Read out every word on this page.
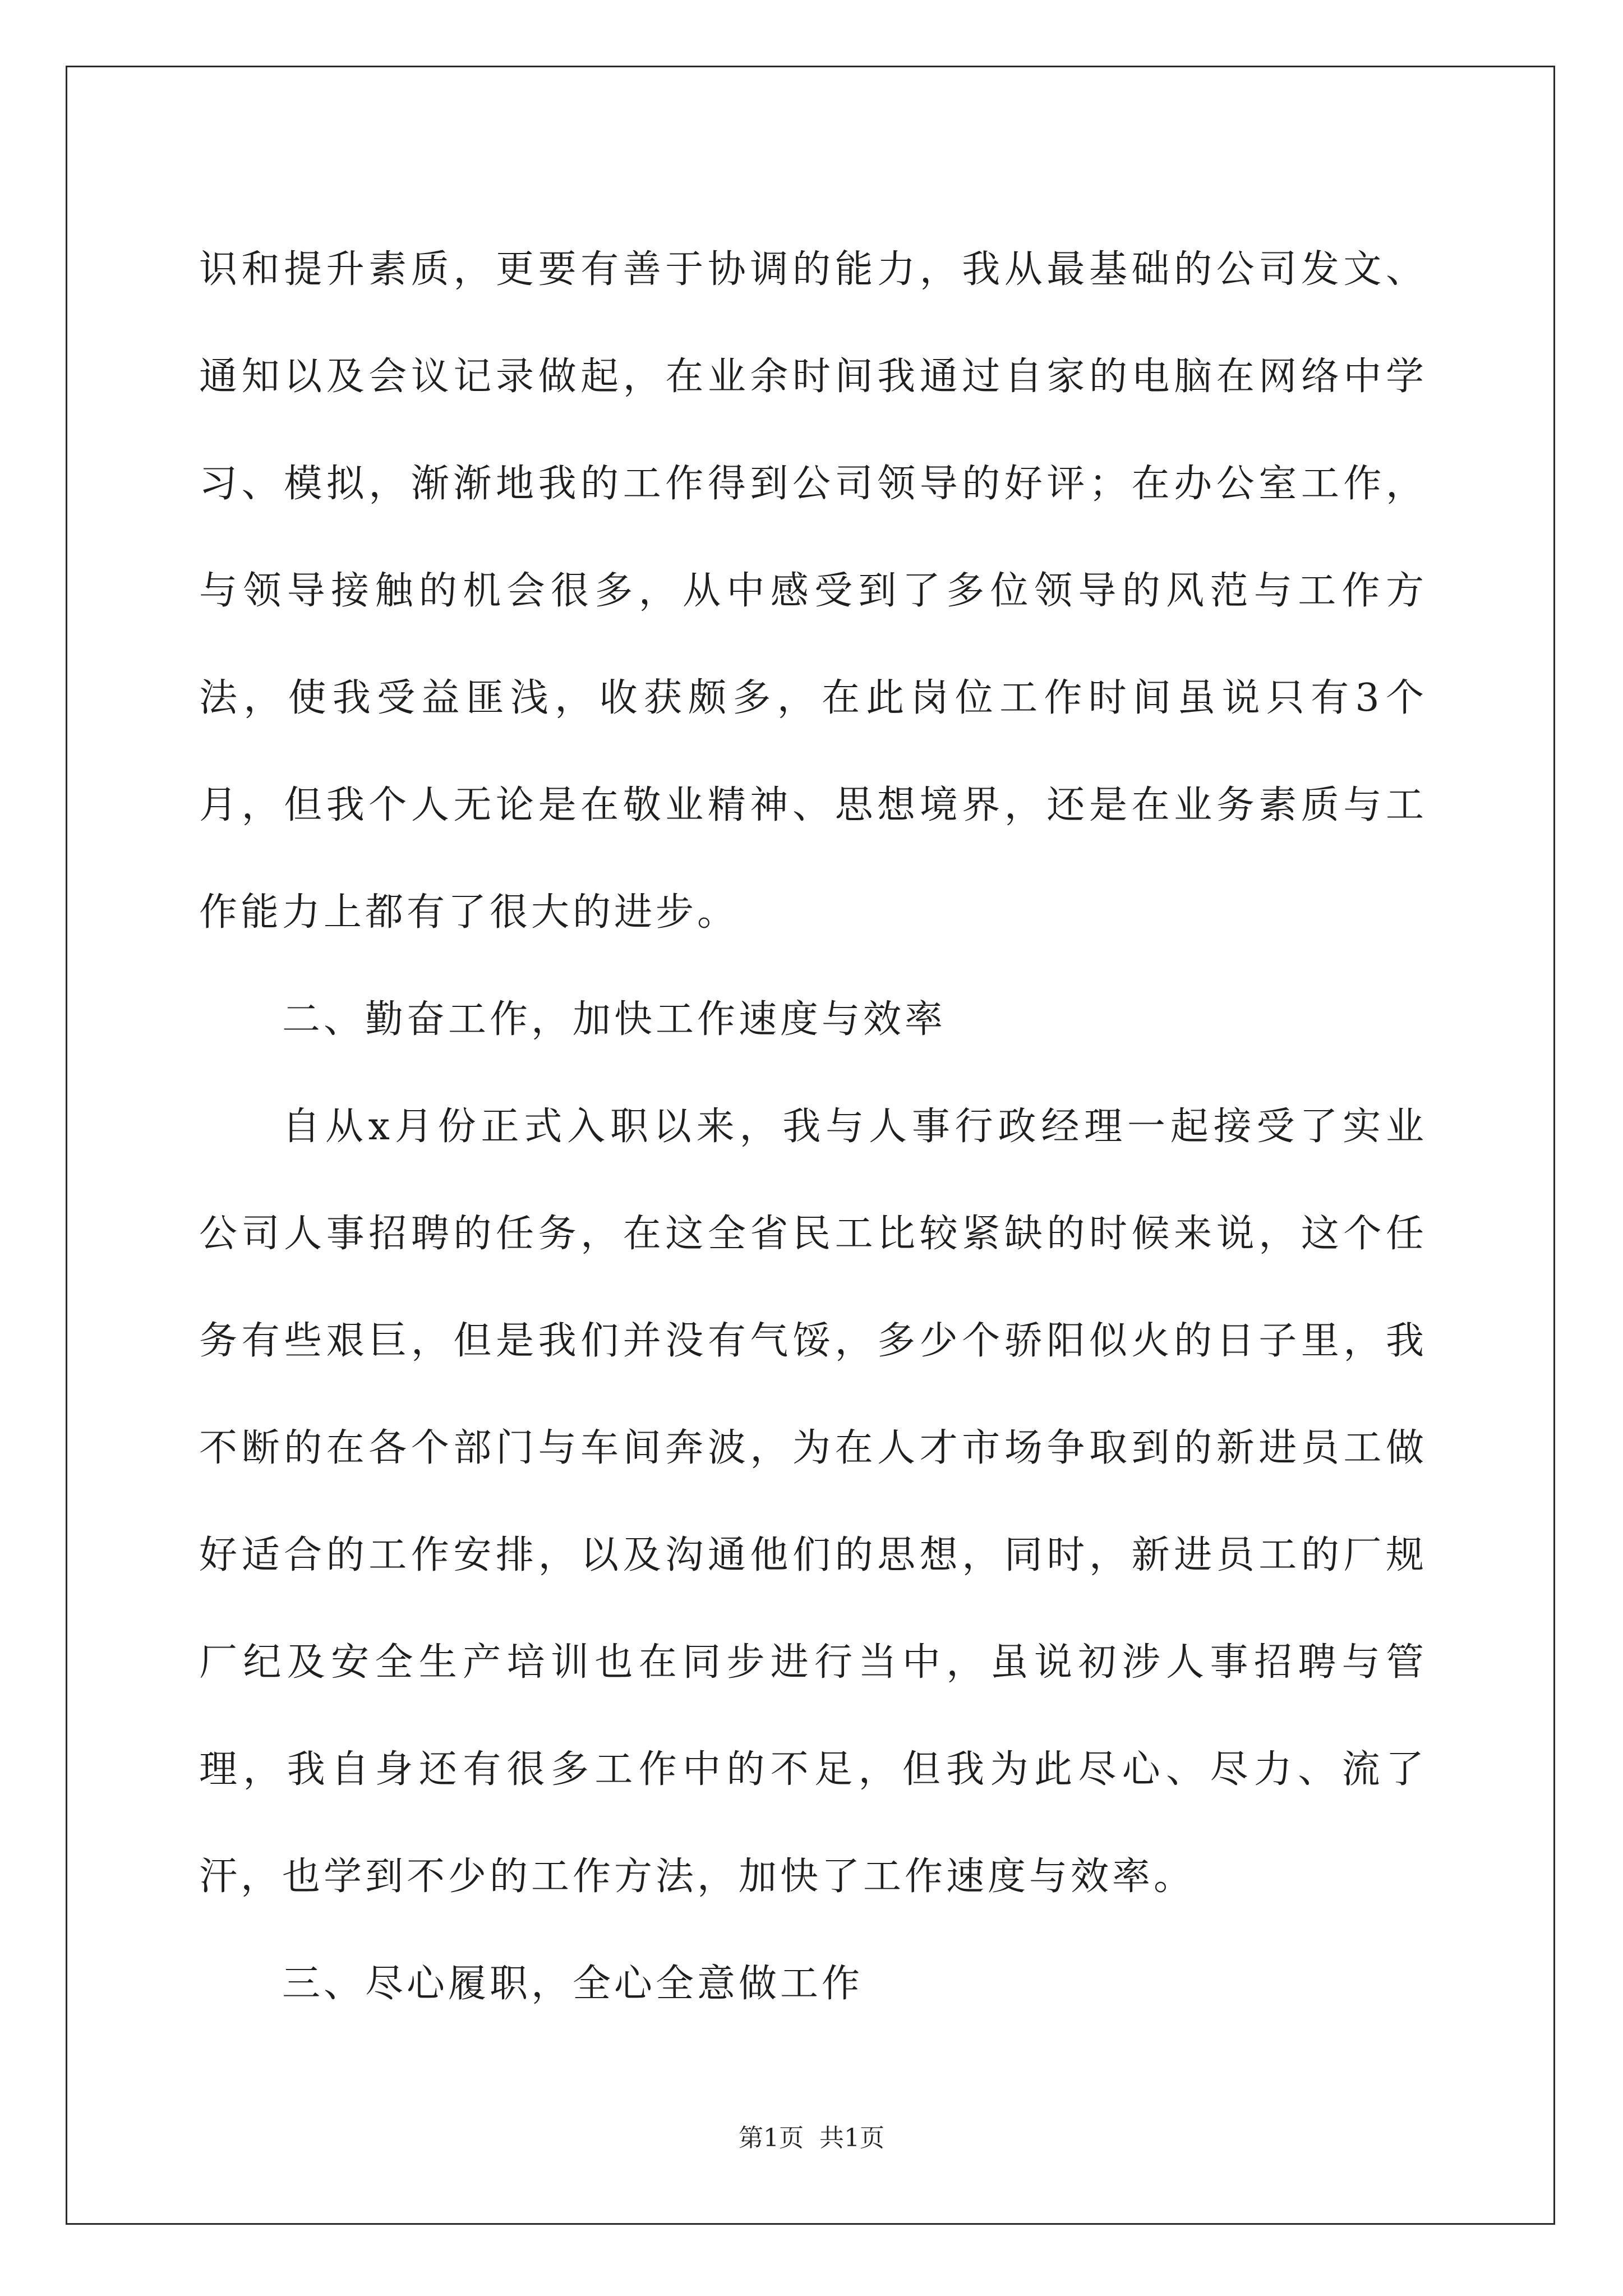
识和提升素质，更要有善于协调的能力，我从最基础的公司发文、通知以及会议记录做起，在业余时间我通过自家的电脑在网络中学习、模拟，渐渐地我的工作得到公司领导的好评；在办公室工作，与领导接触的机会很多，从中感受到了多位领导的风范与工作方法，使我受益匪浅，收获颇多，在此岗位工作时间虽说只有3个月，但我个人无论是在敬业精神、思想境界，还是在业务素质与工作能力上都有了很大的进步。

二、勤奋工作，加快工作速度与效率

自从x月份正式入职以来，我与人事行政经理一起接受了实业公司人事招聘的任务，在这全省民工比较紧缺的时候来说，这个任务有些艰巨，但是我们并没有气馁，多少个骄阳似火的日子里，我不断的在各个部门与车间奔波，为在人才市场争取到的新进员工做好适合的工作安排，以及沟通他们的思想，同时，新进员工的厂规厂纪及安全生产培训也在同步进行当中，虽说初涉人事招聘与管理，我自身还有很多工作中的不足，但我为此尽心、尽力、流了汗，也学到不少的工作方法，加快了工作速度与效率。

三、尽心履职，全心全意做工作

第1页  共1页
